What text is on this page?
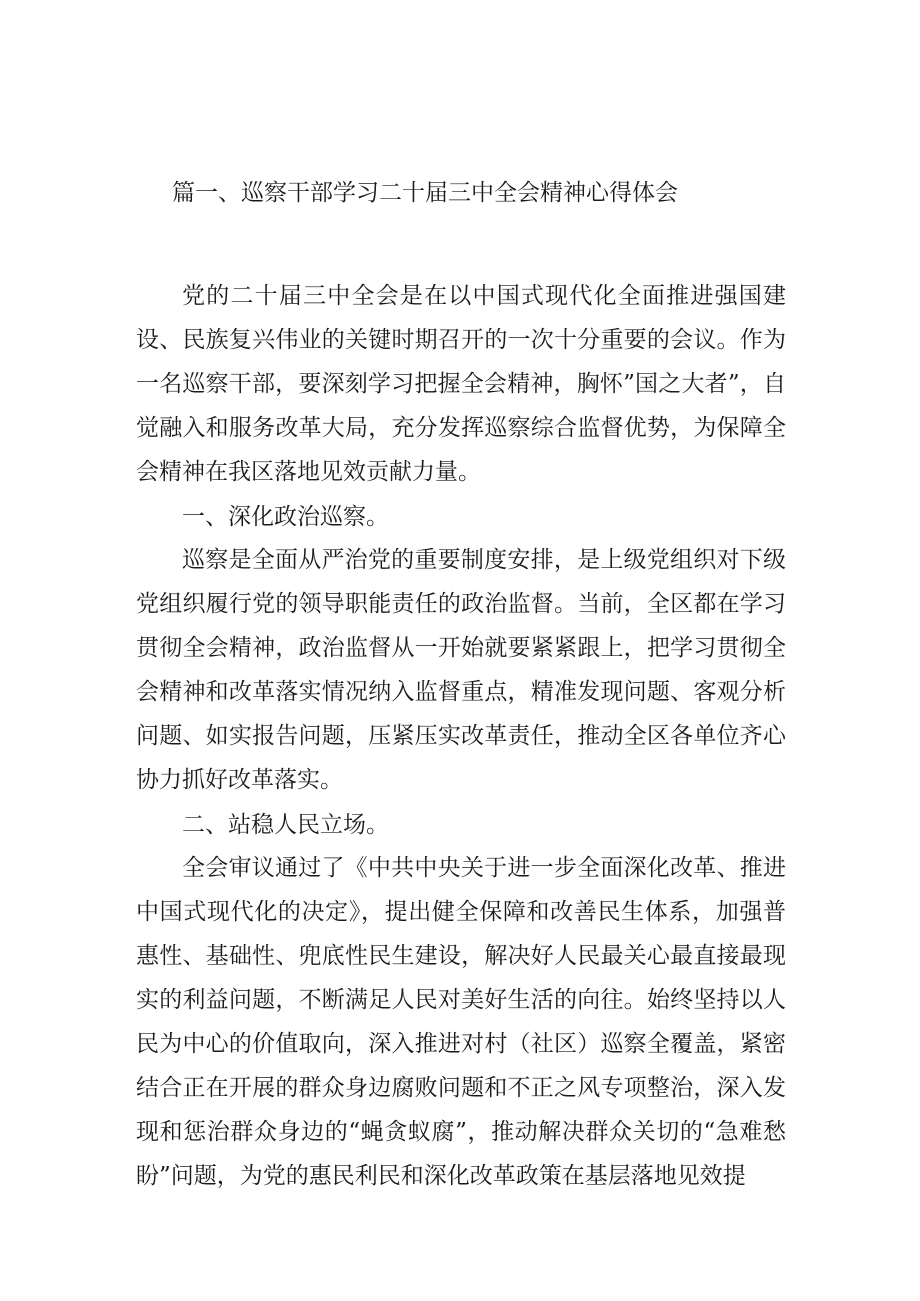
篇一、巡察干部学习二十届三中全会精神心得体会

党的二十届三中全会是在以中国式现代化全面推进强国建设、民族复兴伟业的关键时期召开的一次十分重要的会议。作为一名巡察干部，要深刻学习把握全会精神，胸怀”国之大者”，自觉融入和服务改革大局，充分发挥巡察综合监督优势，为保障全会精神在我区落地见效贡献力量。

一、深化政治巡察。

巡察是全面从严治党的重要制度安排，是上级党组织对下级党组织履行党的领导职能责任的政治监督。当前，全区都在学习贯彻全会精神，政治监督从一开始就要紧紧跟上，把学习贯彻全会精神和改革落实情况纳入监督重点，精准发现问题、客观分析问题、如实报告问题，压紧压实改革责任，推动全区各单位齐心协力抓好改革落实。

二、站稳人民立场。

全会审议通过了《中共中央关于进一步全面深化改革、推进中国式现代化的决定》，提出健全保障和改善民生体系，加强普惠性、基础性、兜底性民生建设，解决好人民最关心最直接最现实的利益问题，不断满足人民对美好生活的向往。始终坚持以人民为中心的价值取向，深入推进对村（社区）巡察全覆盖，紧密结合正在开展的群众身边腐败问题和不正之风专项整治，深入发现和惩治群众身边的“蝇贪蚁腐”，推动解决群众关切的“急难愁盼”问题，为党的惠民利民和深化改革政策在基层落地见效提
